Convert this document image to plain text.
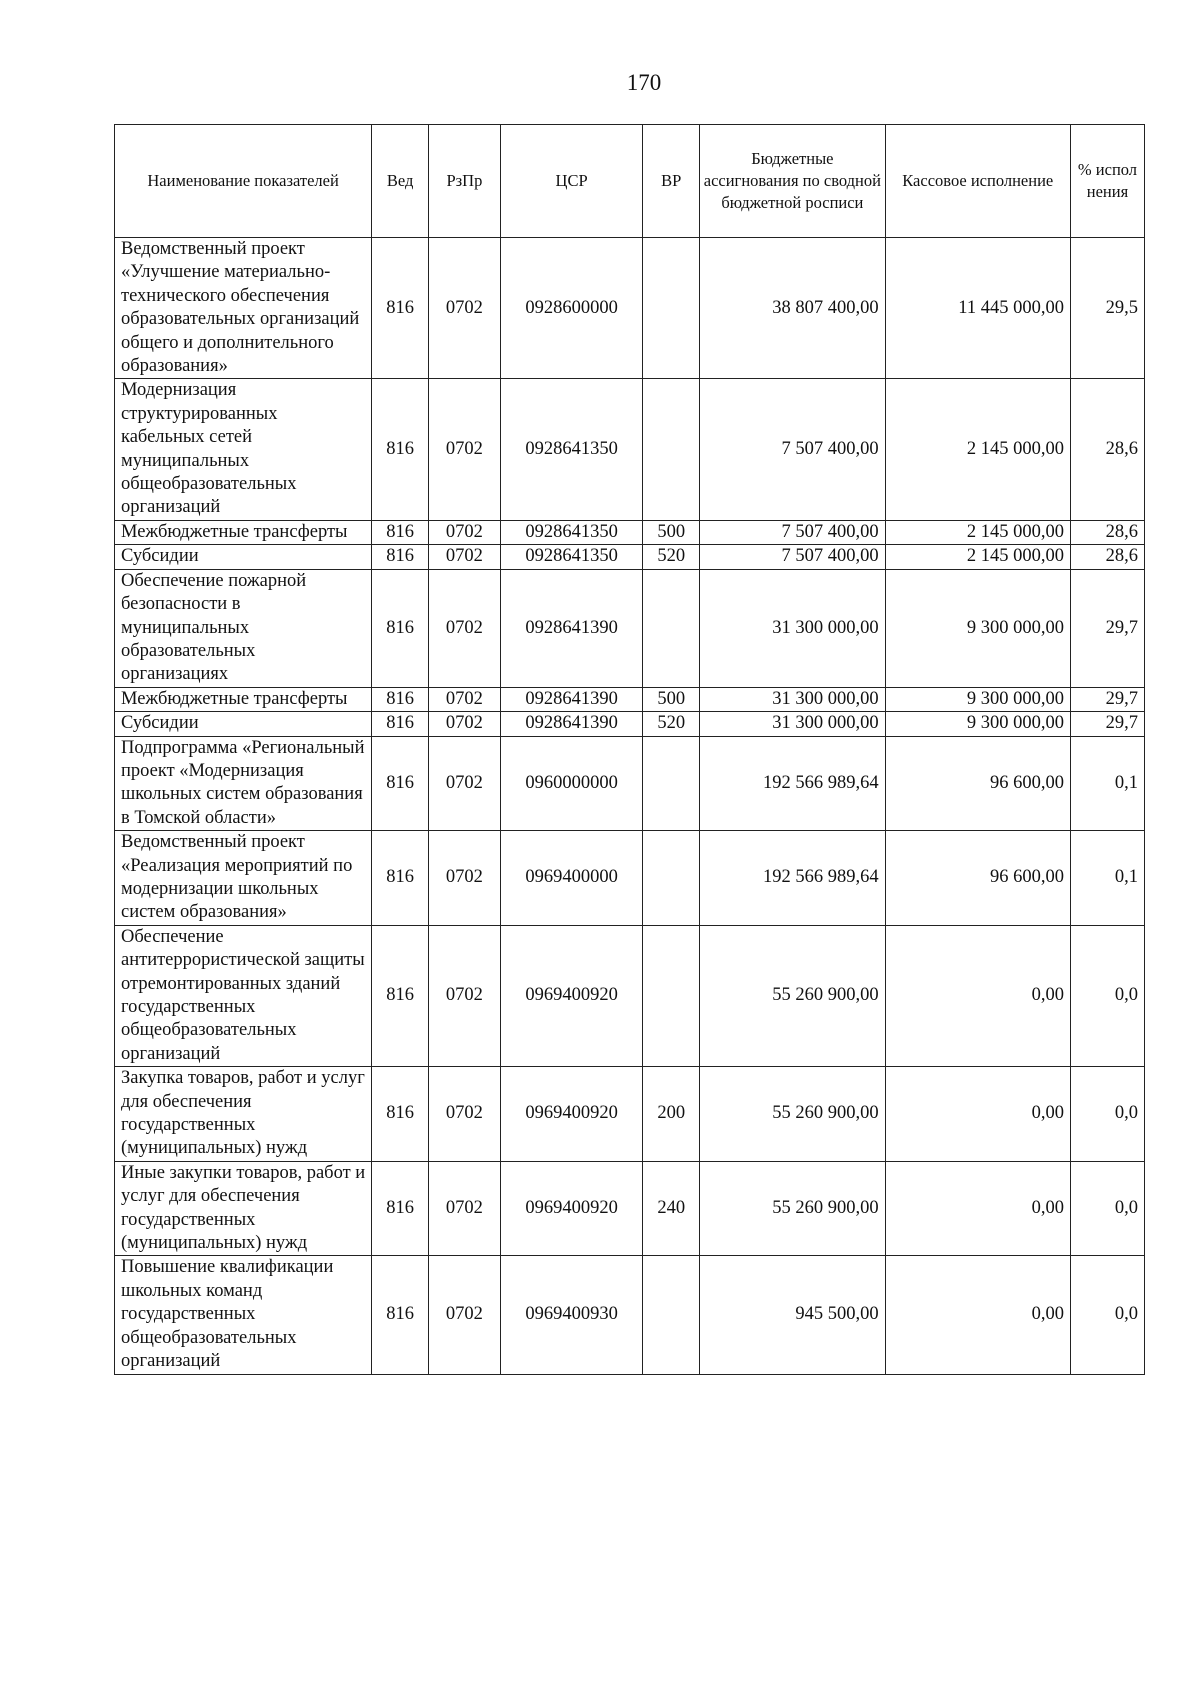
170
Наименование показателей	Вед	РзПр	ЦСР	ВР	Бюджетные ассигнования по сводной бюджетной росписи	Кассовое исполнение	% испол нения
Ведомственный проект «Улучшение материально-технического обеспечения образовательных организаций общего и дополнительного образования»	816	0702	0928600000		38 807 400,00	11 445 000,00	29,5
Модернизация структурированных кабельных сетей муниципальных общеобразовательных организаций	816	0702	0928641350		7 507 400,00	2 145 000,00	28,6
Межбюджетные трансферты	816	0702	0928641350	500	7 507 400,00	2 145 000,00	28,6
Субсидии	816	0702	0928641350	520	7 507 400,00	2 145 000,00	28,6
Обеспечение пожарной безопасности в муниципальных образовательных организациях	816	0702	0928641390		31 300 000,00	9 300 000,00	29,7
Межбюджетные трансферты	816	0702	0928641390	500	31 300 000,00	9 300 000,00	29,7
Субсидии	816	0702	0928641390	520	31 300 000,00	9 300 000,00	29,7
Подпрограмма «Региональный проект «Модернизация школьных систем образования в Томской области»	816	0702	0960000000		192 566 989,64	96 600,00	0,1
Ведомственный проект «Реализация мероприятий по модернизации школьных систем образования»	816	0702	0969400000		192 566 989,64	96 600,00	0,1
Обеспечение антитеррористической защиты отремонтированных зданий государственных общеобразовательных организаций	816	0702	0969400920		55 260 900,00	0,00	0,0
Закупка товаров, работ и услуг для обеспечения государственных (муниципальных) нужд	816	0702	0969400920	200	55 260 900,00	0,00	0,0
Иные закупки товаров, работ и услуг для обеспечения государственных (муниципальных) нужд	816	0702	0969400920	240	55 260 900,00	0,00	0,0
Повышение квалификации школьных команд государственных общеобразовательных организаций	816	0702	0969400930		945 500,00	0,00	0,0
